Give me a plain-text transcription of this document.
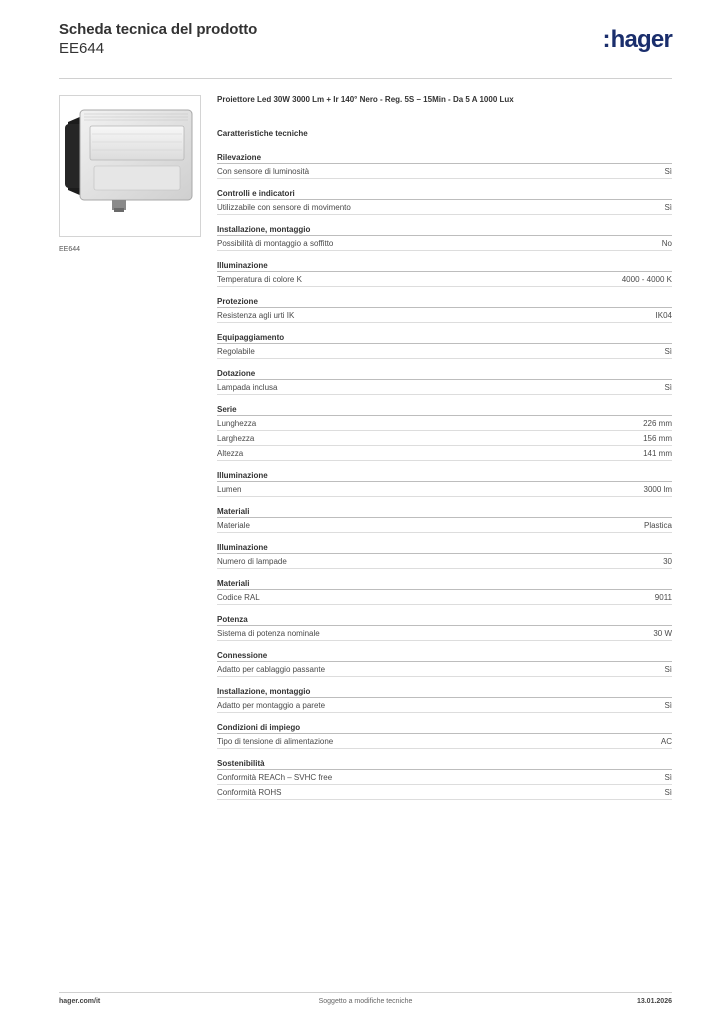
Scheda tecnica del prodotto
EE644	:hager
EE644
Proiettore Led 30W 3000 Lm + Ir 140° Nero - Reg. 5S – 15Min - Da 5 A 1000 Lux
Caratteristiche tecniche
Rilevazione
Con sensore di luminosità	Sì
Controlli e indicatori
Utilizzabile con sensore di movimento	Sì
Installazione, montaggio
Possibilità di montaggio a soffitto	No
Illuminazione
Temperatura di colore K	4000 - 4000 K
Protezione
Resistenza agli urti IK	IK04
Equipaggiamento
Regolabile	Sì
Dotazione
Lampada inclusa	Sì
Serie
Lunghezza	226 mm
Larghezza	156 mm
Altezza	141 mm
Illuminazione
Lumen	3000 lm
Materiali
Materiale	Plastica
Illuminazione
Numero di lampade	30
Materiali
Codice RAL	9011
Potenza
Sistema di potenza nominale	30 W
Connessione
Adatto per cablaggio passante	Sì
Installazione, montaggio
Adatto per montaggio a parete	Sì
Condizioni di impiego
Tipo di tensione di alimentazione	AC
Sostenibilità
Conformità REACh – SVHC free	Sì
Conformità ROHS	Sì
hager.com/it	Soggetto a modifiche tecniche	13.01.2026
